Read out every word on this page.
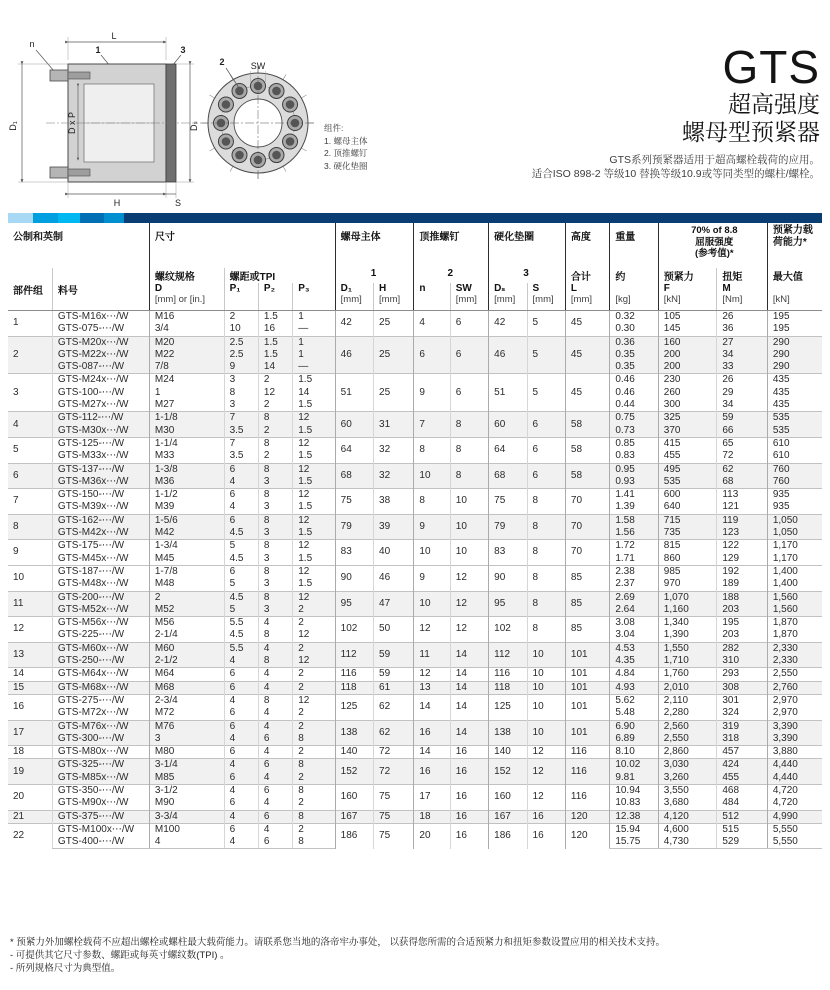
L
n
1	3
D₁	D x P	Dₛ
H	S
SW
2
组件:
1. 螺母主体
2. 顶推螺钉
3. 硬化垫圈
GTS
超高强度
螺母型预紧器
GTS系列预紧器适用于超高螺栓载荷的应用。
适合ISO 898-2 等级10 替换等级10.9或等同类型的螺柱/螺栓。
公制和英制		尺寸				螺母主体		顶推螺钉		硬化垫圈		高度	重量	70% of 8.8
屈服强度
(参考值)*		预紧力载
荷能力*
部件组	料号	螺纹规格	螺距或TPI			1		2		3		合计	约	预紧力	扭矩	最大值
		D
[mm] or [in.]	P₁	P₂	P₃	D₁
[mm]	H
[mm]	n	SW
[mm]	Dₛ
[mm]	S
[mm]	L
[mm]	[kg]	F
[kN]	M
[Nm]	[kN]
1	GTS-M16x⋯/W	M16	2	1.5	1	42	25	4	6	42	5	45	0.32	105	26	195
	GTS-075-⋯/W	3/4	10	16	—								0.30	145	36	195
2	GTS-M20x⋯/W	M20	2.5	1.5	1	46	25	6	6	46	5	45	0.36	160	27	290
	GTS-M22x⋯/W	M22	2.5	1.5	1								0.35	200	34	290
	GTS-087-⋯/W	7/8	9	14	—								0.35	200	33	290
3	GTS-M24x⋯/W	M24	3	2	1.5	51	25	9	6	51	5	45	0.46	230	26	435
	GTS-100-⋯/W	1	8	12	14								0.46	260	29	435
	GTS-M27x⋯/W	M27	3	2	1.5								0.44	300	34	435
4	GTS-112-⋯/W	1-1/8	7	8	12	60	31	7	8	60	6	58	0.75	325	59	535
	GTS-M30x⋯/W	M30	3.5	2	1.5								0.73	370	66	535
5	GTS-125-⋯/W	1-1/4	7	8	12	64	32	8	8	64	6	58	0.85	415	65	610
	GTS-M33x⋯/W	M33	3.5	2	1.5								0.83	455	72	610
6	GTS-137-⋯/W	1-3/8	6	8	12	68	32	10	8	68	6	58	0.95	495	62	760
	GTS-M36x⋯/W	M36	4	3	1.5								0.93	535	68	760
7	GTS-150-⋯/W	1-1/2	6	8	12	75	38	8	10	75	8	70	1.41	600	113	935
	GTS-M39x⋯/W	M39	4	3	1.5								1.39	640	121	935
8	GTS-162-⋯/W	1-5/6	6	8	12	79	39	9	10	79	8	70	1.58	715	119	1,050
	GTS-M42x⋯/W	M42	4.5	3	1.5								1.56	735	123	1,050
9	GTS-175-⋯/W	1-3/4	5	8	12	83	40	10	10	83	8	70	1.72	815	122	1,170
	GTS-M45x⋯/W	M45	4.5	3	1.5								1.71	860	129	1,170
10	GTS-187-⋯/W	1-7/8	6	8	12	90	46	9	12	90	8	85	2.38	985	192	1,400
	GTS-M48x⋯/W	M48	5	3	1.5								2.37	970	189	1,400
11	GTS-200-⋯/W	2	4.5	8	12	95	47	10	12	95	8	85	2.69	1,070	188	1,560
	GTS-M52x⋯/W	M52	5	3	2								2.64	1,160	203	1,560
12	GTS-M56x⋯/W	M56	5.5	4	2	102	50	12	12	102	8	85	3.08	1,340	195	1,870
	GTS-225-⋯/W	2-1/4	4.5	8	12								3.04	1,390	203	1,870
13	GTS-M60x⋯/W	M60	5.5	4	2	112	59	11	14	112	10	101	4.53	1,550	282	2,330
	GTS-250-⋯/W	2-1/2	4	8	12								4.35	1,710	310	2,330
14	GTS-M64x⋯/W	M64	6	4	2	116	59	12	14	116	10	101	4.84	1,760	293	2,550
15	GTS-M68x⋯/W	M68	6	4	2	118	61	13	14	118	10	101	4.93	2,010	308	2,760
16	GTS-275-⋯/W	2-3/4	4	8	12	125	62	14	14	125	10	101	5.62	2,110	301	2,970
	GTS-M72x⋯/W	M72	6	4	2								5.48	2,280	324	2,970
17	GTS-M76x⋯/W	M76	6	4	2	138	62	16	14	138	10	101	6.90	2,560	319	3,390
	GTS-300-⋯/W	3	4	6	8								6.89	2,550	318	3,390
18	GTS-M80x⋯/W	M80	6	4	2	140	72	14	16	140	12	116	8.10	2,860	457	3,880
19	GTS-325-⋯/W	3-1/4	4	6	8	152	72	16	16	152	12	116	10.02	3,030	424	4,440
	GTS-M85x⋯/W	M85	6	4	2								9.81	3,260	455	4,440
20	GTS-350-⋯/W	3-1/2	4	6	8	160	75	17	16	160	12	116	10.94	3,550	468	4,720
	GTS-M90x⋯/W	M90	6	4	2								10.83	3,680	484	4,720
21	GTS-375-⋯/W	3-3/4	4	6	8	167	75	18	16	167	16	120	12.38	4,120	512	4,990
22	GTS-M100x⋯/W	M100	6	4	2	186	75	20	16	186	16	120	15.94	4,600	515	5,550
	GTS-400-⋯/W	4	4	6	8								15.75	4,730	529	5,550
* 预紧力外加螺栓载荷不应超出螺栓或螺柱最大载荷能力。请联系您当地的洛帝牢办事处， 以获得您所需的合适预紧力和扭矩参数设置应用的相关技术支持。
- 可提供其它尺寸参数、螺距或每英寸螺纹数(TPI) 。
- 所列规格尺寸为典型值。
